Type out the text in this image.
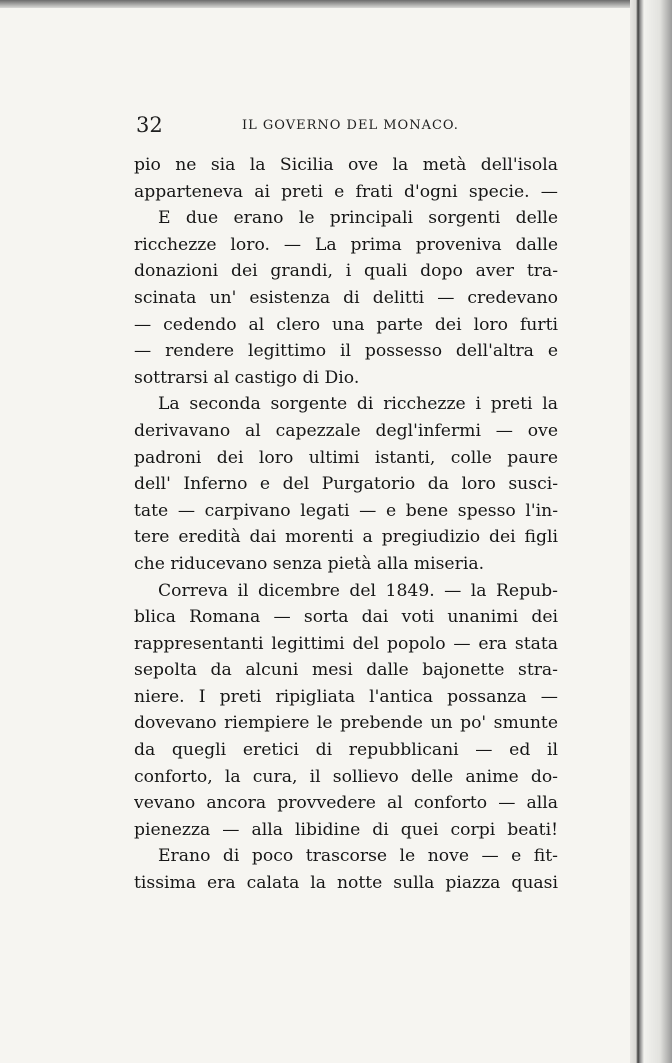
32	IL GOVERNO DEL MONACO.
pio ne sia la Sicilia ove la metà dell'isola
apparteneva ai preti e frati d'ogni specie. —
E due erano le principali sorgenti delle
ricchezze loro. — La prima proveniva dalle
donazioni dei grandi, i quali dopo aver tra-
scinata un' esistenza di delitti — credevano
— cedendo al clero una parte dei loro furti
— rendere legittimo il possesso dell'altra e
sottrarsi al castigo di Dio.
La seconda sorgente di ricchezze i preti la
derivavano al capezzale degl'infermi — ove
padroni dei loro ultimi istanti, colle paure
dell' Inferno e del Purgatorio da loro susci-
tate — carpivano legati — e bene spesso l'in-
tere eredità dai morenti a pregiudizio dei figli
che riducevano senza pietà alla miseria.
Correva il dicembre del 1849. — la Repub-
blica Romana — sorta dai voti unanimi dei
rappresentanti legittimi del popolo — era stata
sepolta da alcuni mesi dalle bajonette stra-
niere. I preti ripigliata l'antica possanza —
dovevano riempiere le prebende un po' smunte
da quegli eretici di repubblicani — ed il
conforto, la cura, il sollievo delle anime do-
vevano ancora provvedere al conforto — alla
pienezza — alla libidine di quei corpi beati!
Erano di poco trascorse le nove — e fit-
tissima era calata la notte sulla piazza quasi
